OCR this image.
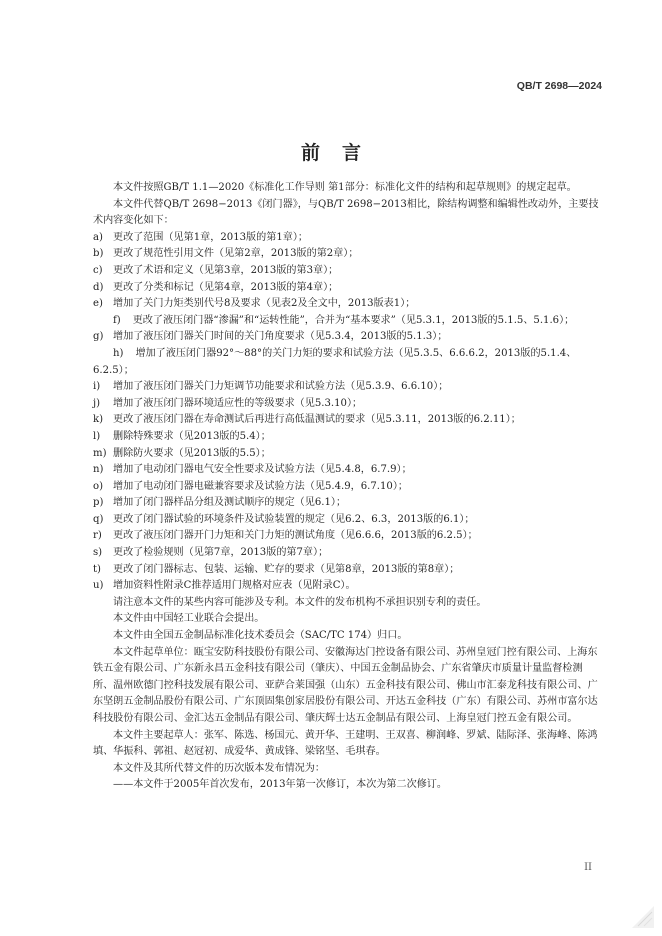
QB/T 2698—2024
前言

本文件按照GB/T 1.1—2020《标准化工作导则 第1部分：标准化文件的结构和起草规则》的规定起草。

本文件代替QB/T 2698−2013《闭门器》，与QB/T 2698−2013相比，除结构调整和编辑性改动外，主要技术内容变化如下：

a) 更改了范围（见第1章，2013版的第1章）；
b) 更改了规范性引用文件（见第2章，2013版的第2章）；
c)	更改了术语和定义（见第3章，2013版的第3章）；
d) 更改了分类和标记（见第4章，2013版的第4章）；
e) 增加了关门力矩类别代号8及要求（见表2及全文中，2013版表1）；
f) 更改了液压闭门器“渗漏”和“运转性能”，合并为“基本要求”（见5.3.1，2013版的5.1.5、5.1.6）；
g) 增加了液压闭门器关门时间的关门角度要求（见5.3.4，2013版的5.1.3）；
h) 增加了液压闭门器92°～88°的关门力矩的要求和试验方法（见5.3.5、6.6.6.2，2013版的5.1.4、6.2.5）；
i)	增加了液压闭门器关门力矩调节功能要求和试验方法（见5.3.9、6.6.10）；
j)	增加了液压闭门器环境适应性的等级要求（见5.3.10）；
k) 更改了液压闭门器在寿命测试后再进行高低温测试的要求（见5.3.11，2013版的6.2.11）；
l)	删除特殊要求（见2013版的5.4）；
m) 删除防火要求（见2013版的5.5）；
n) 增加了电动闭门器电气安全性要求及试验方法（见5.4.8，6.7.9）；
o) 增加了电动闭门器电磁兼容要求及试验方法（见5.4.9，6.7.10）；
p) 增加了闭门器样品分组及测试顺序的规定（见6.1）；
q) 更改了闭门器试验的环境条件及试验装置的规定（见6.2、6.3，2013版的6.1）；
r)	更改了液压闭门器开门力矩和关门力矩的测试角度（见6.6.6，2013版的6.2.5）；
s)	更改了检验规则（见第7章，2013版的第7章）；
t)	更改了闭门器标志、包装、运输、贮存的要求（见第8章，2013版的第8章）；
u) 增加资料性附录C推荐适用门规格对应表（见附录C）。

请注意本文件的某些内容可能涉及专利。本文件的发布机构不承担识别专利的责任。

本文件由中国轻工业联合会提出。

本文件由全国五金制品标准化技术委员会（SAC/TC 174）归口。

本文件起草单位：瓯宝安防科技股份有限公司、安徽海达门控设备有限公司、苏州皇冠门控有限公司、上海东铁五金有限公司、广东新永昌五金科技有限公司（肇庆）、中国五金制品协会、广东省肇庆市质量计量监督检测所、温州欧德门控科技发展有限公司、亚萨合莱国强（山东）五金科技有限公司、佛山市汇泰龙科技有限公司、广东坚朗五金制品股份有限公司、广东顶固集创家居股份有限公司、开达五金科技（广东）有限公司、苏州市富尔达科技股份有限公司、金汇达五金制品有限公司、肇庆辉士达五金制品有限公司、上海皇冠门控五金有限公司。

本文件主要起草人：张军、陈选、杨国元、黄开华、王建明、王双喜、柳润峰、罗斌、陆际泽、张海峰、陈鸿填、华振科、郭祖、赵冠初、成爱华、黄成锋、梁铭坚、毛琪春。

本文件及其所代替文件的历次版本发布情况为：

——本文件于2005年首次发布，2013年第一次修订，本次为第二次修订。

II
